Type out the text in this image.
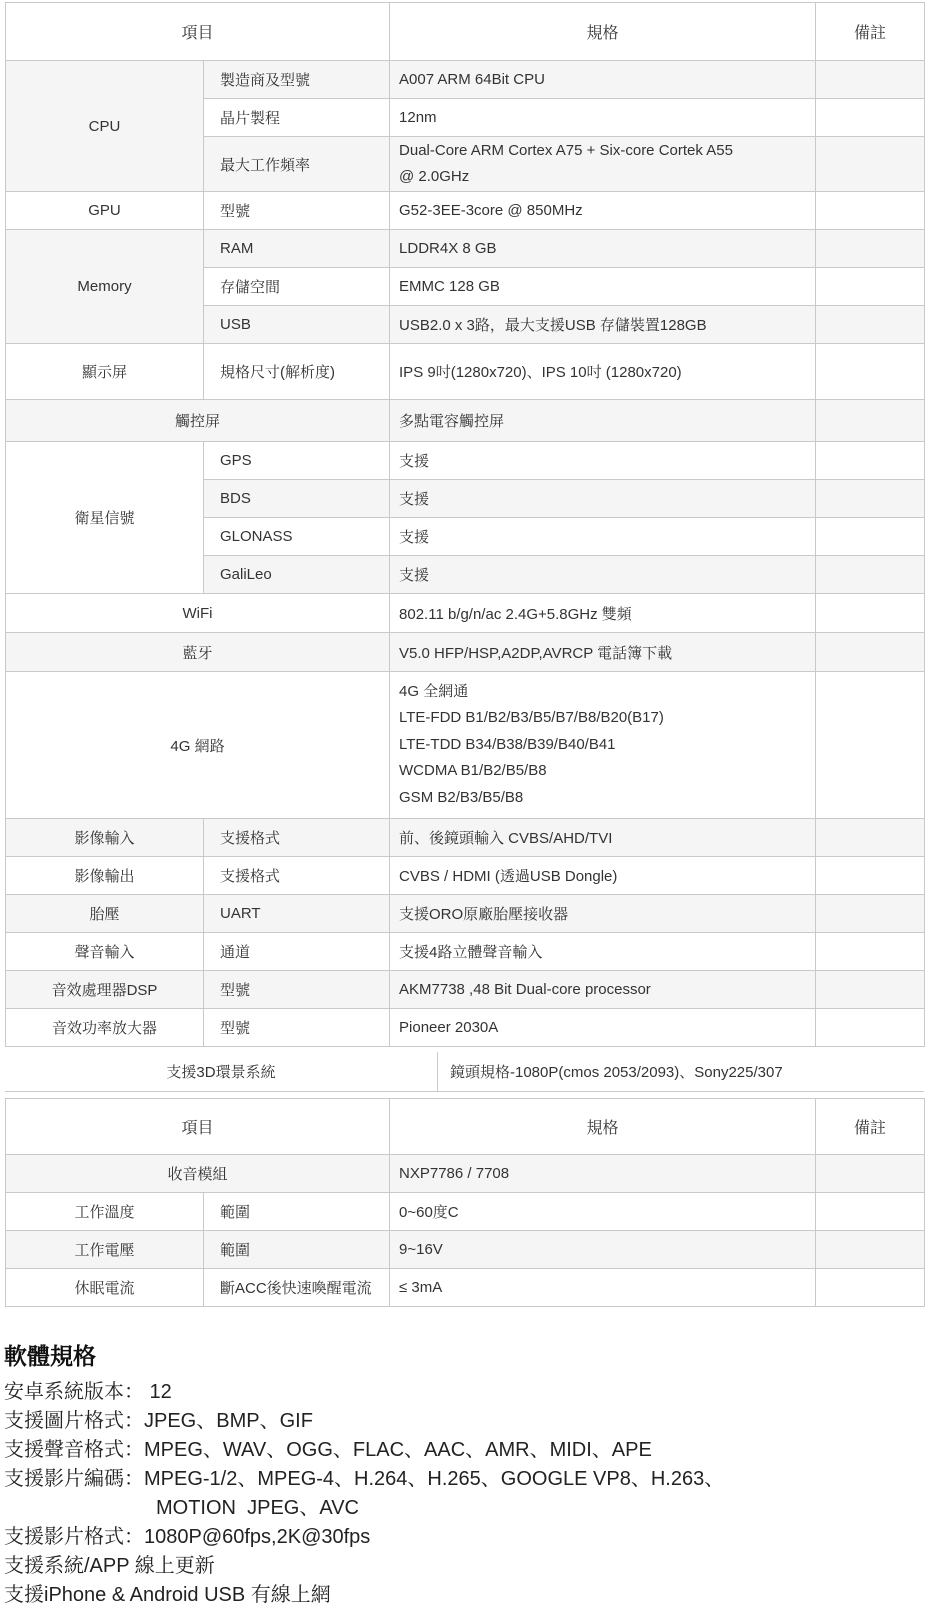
項目		規格	備註
CPU	製造商及型號	A007 ARM 64Bit CPU	
	晶片製程	12nm	
	最大工作頻率	Dual-Core ARM Cortex A75 + Six-core Cortek A55
@ 2.0GHz	

GPU	型號	G52-3EE-3core @ 850MHz	
Memory	RAM	LDDR4X 8 GB	
	存儲空間	EMMC 128 GB	
	USB	USB2.0 x 3路，最大支援USB 存儲裝置128GB	
顯示屏	規格尺寸(解析度)	IPS 9吋(1280x720)、IPS 10吋 (1280x720)	
觸控屏		多點電容觸控屏	
衛星信號	GPS	支援	
	BDS	支援	
	GLONASS	支援	
	GaliLeo	支援	
WiFi		802.11 b/g/n/ac 2.4G+5.8GHz 雙頻	
藍牙		V5.0 HFP/HSP,A2DP,AVRCP 電話簿下載	
4G 網路		4G 全網通
LTE-FDD B1/B2/B3/B5/B7/B8/B20(B17)
LTE-TDD B34/B38/B39/B40/B41
WCDMA B1/B2/B5/B8
GSM B2/B3/B5/B8	

影像輸入	支援格式	前、後鏡頭輸入 CVBS/AHD/TVI	
影像輸出	支援格式	CVBS / HDMI (透過USB Dongle)	
胎壓	UART	支援ORO原廠胎壓接收器	
聲音輸入	通道	支援4路立體聲音輸入	
音效處理器DSP	型號	AKM7738 ,48 Bit Dual-core processor	
音效功率放大器	型號	Pioneer 2030A	
支援3D環景系統	鏡頭規格-1080P(cmos 2053/2093)、Sony225/307
項目		規格	備註
收音模組		NXP7786 / 7708	
工作溫度	範圍	0~60度C	
工作電壓	範圍	9~16V	
休眠電流	斷ACC後快速喚醒電流	≤ 3mA	
軟體規格
安卓系統版本： 12
支援圖片格式：JPEG、BMP、GIF
支援聲音格式：MPEG、WAV、OGG、FLAC、AAC、AMR、MIDI、APE
支援影片編碼：MPEG-1/2、MPEG-4、H.264、H.265、GOOGLE VP8、H.263、
MOTION  JPEG、AVC
支援影片格式：1080P@60fps,2K@30fps
支援系統/APP 線上更新
支援iPhone & Android USB 有線上網
